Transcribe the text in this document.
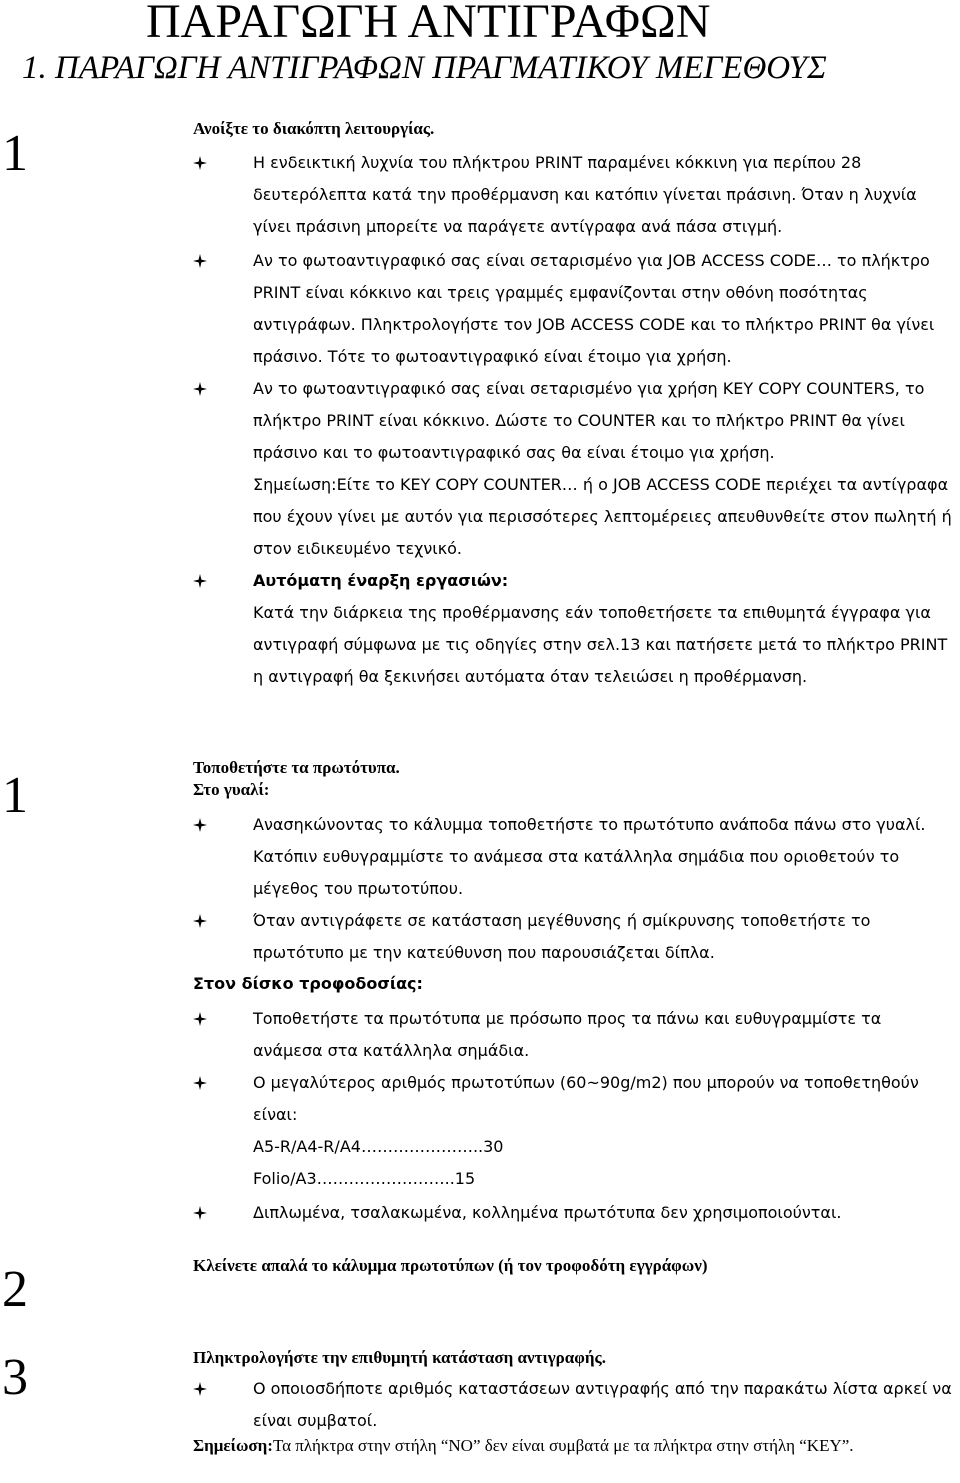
ΠΑΡΑΓΩΓΗ ΑΝΤΙΓΡΑΦΩΝ
1. ΠΑΡΑΓΩΓΗ ΑΝΤΙΓΡΑΦΩΝ ΠΡΑΓΜΑΤΙΚΟΥ ΜΕΓΕΘΟΥΣ
1	Ανοίξτε το διακόπτη λειτουργίας.
Η ενδεικτική λυχνία του πλήκτρου PRINT παραμένει κόκκινη για περίπου 28 δευτερόλεπτα κατά την προθέρμανση και κατόπιν γίνεται πράσινη. Όταν η λυχνία γίνει πράσινη μπορείτε να παράγετε αντίγραφα ανά πάσα στιγμή.
Αν το φωτοαντιγραφικό σας είναι σεταρισμένο για JOB ACCESS CODE… το πλήκτρο PRINT είναι κόκκινο και τρεις γραμμές εμφανίζονται στην οθόνη ποσότητας αντιγράφων. Πληκτρολογήστε τον JOB ACCESS CODE και το πλήκτρο PRINT θα γίνει πράσινο. Τότε το φωτοαντιγραφικό είναι έτοιμο για χρήση.
Αν το φωτοαντιγραφικό σας είναι σεταρισμένο για χρήση KEY COPY COUNTERS, το πλήκτρο PRINT είναι κόκκινο. Δώστε το COUNTER και το πλήκτρο PRINT θα γίνει πράσινο και το φωτοαντιγραφικό σας θα είναι έτοιμο για χρήση.
Σημείωση:Είτε το KEY COPY COUNTER… ή ο JOB ACCESS CODE περιέχει τα αντίγραφα που έχουν γίνει με αυτόν για περισσότερες λεπτομέρειες απευθυνθείτε στον πωλητή ή στον ειδικευμένο τεχνικό.
Αυτόματη έναρξη εργασιών:
Κατά την διάρκεια της προθέρμανσης εάν τοποθετήσετε τα επιθυμητά έγγραφα για αντιγραφή σύμφωνα με τις οδηγίες στην σελ.13 και πατήσετε μετά το πλήκτρο PRINT η αντιγραφή θα ξεκινήσει αυτόματα όταν τελειώσει η προθέρμανση.
1	Τοποθετήστε τα πρωτότυπα.
Στο γυαλί:
Ανασηκώνοντας το κάλυμμα τοποθετήστε το πρωτότυπο ανάποδα πάνω στο γυαλί. Κατόπιν ευθυγραμμίστε το ανάμεσα στα κατάλληλα σημάδια που οριοθετούν το μέγεθος του πρωτοτύπου.
Όταν αντιγράφετε σε κατάσταση μεγέθυνσης ή σμίκρυνσης τοποθετήστε το πρωτότυπο με την κατεύθυνση που παρουσιάζεται δίπλα.
Στον δίσκο τροφοδοσίας:
Τοποθετήστε τα πρωτότυπα με πρόσωπο προς τα πάνω και ευθυγραμμίστε τα ανάμεσα στα κατάλληλα σημάδια.
Ο μεγαλύτερος αριθμός πρωτοτύπων (60~90g/m2) που μπορούν να τοποθετηθούν είναι:
A5-R/A4-R/A4…………………..30
Folio/A3……………………..15
Διπλωμένα, τσαλακωμένα, κολλημένα πρωτότυπα δεν χρησιμοποιούνται.
2	Κλείνετε απαλά το κάλυμμα πρωτοτύπων (ή τον τροφοδότη εγγράφων)
3	Πληκτρολογήστε την επιθυμητή κατάσταση αντιγραφής.
Ο οποιοσδήποτε αριθμός καταστάσεων αντιγραφής από την παρακάτω λίστα αρκεί να είναι συμβατοί.
Σημείωση:Τα πλήκτρα στην στήλη “NO” δεν είναι συμβατά με τα πλήκτρα στην στήλη “KEY”.
